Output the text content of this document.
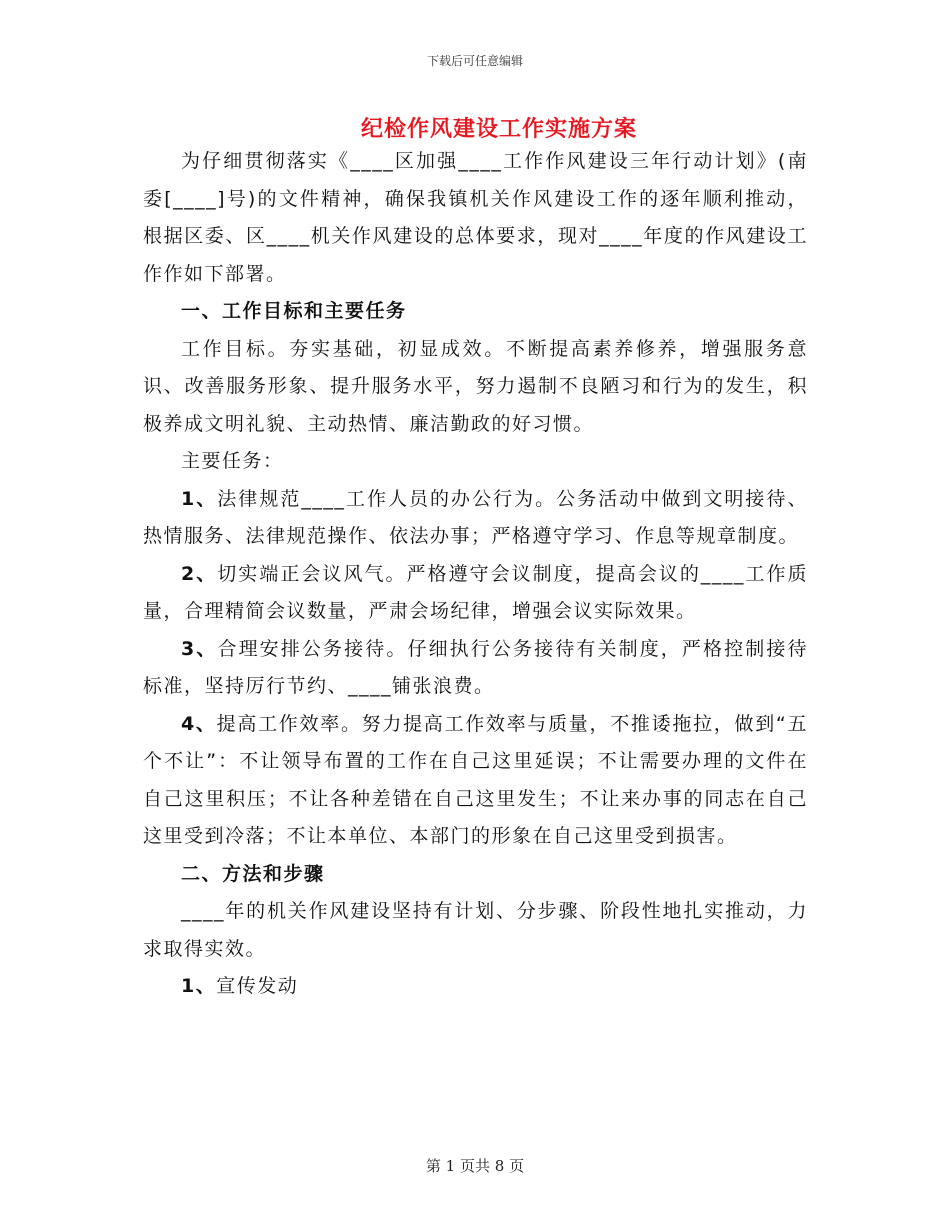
下载后可任意编辑
纪检作风建设工作实施方案

为仔细贯彻落实《____区加强____工作作风建设三年行动计划》(南委[____]号)的文件精神，确保我镇机关作风建设工作的逐年顺利推动，根据区委、区____机关作风建设的总体要求，现对____年度的作风建设工作作如下部署。

一、工作目标和主要任务

工作目标。夯实基础，初显成效。不断提高素养修养，增强服务意识、改善服务形象、提升服务水平，努力遏制不良陋习和行为的发生，积极养成文明礼貌、主动热情、廉洁勤政的好习惯。

主要任务：

1、法律规范____工作人员的办公行为。公务活动中做到文明接待、热情服务、法律规范操作、依法办事；严格遵守学习、作息等规章制度。

2、切实端正会议风气。严格遵守会议制度，提高会议的____工作质量，合理精简会议数量，严肃会场纪律，增强会议实际效果。

3、合理安排公务接待。仔细执行公务接待有关制度，严格控制接待标准，坚持厉行节约、____铺张浪费。

4、提高工作效率。努力提高工作效率与质量，不推诿拖拉，做到“五个不让”：不让领导布置的工作在自己这里延误；不让需要办理的文件在自己这里积压；不让各种差错在自己这里发生；不让来办事的同志在自己这里受到冷落；不让本单位、本部门的形象在自己这里受到损害。

二、方法和步骤

____年的机关作风建设坚持有计划、分步骤、阶段性地扎实推动，力求取得实效。

1、宣传发动

第 1 页共 8 页
